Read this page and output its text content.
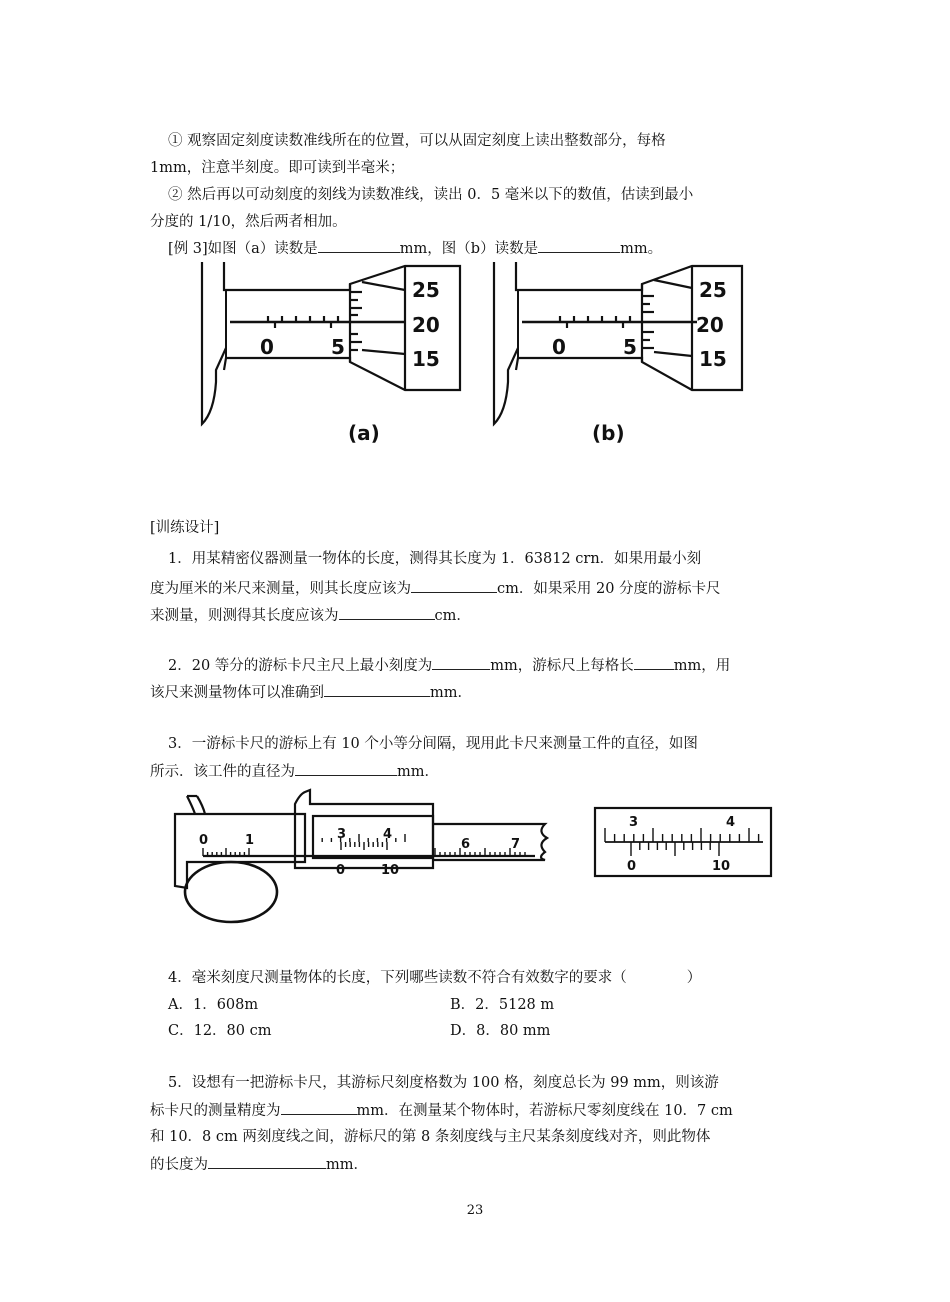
① 观察固定刻度读数准线所在的位置，可以从固定刻度上读出整数部分，每格
1mm，注意半刻度。即可读到半毫米；
② 然后再以可动刻度的刻线为读数准线，读出 0．5 毫米以下的数值，估读到最小
分度的 1/10，然后两者相加。
[例 3]如图（a）读数是	mm，图（b）读数是	mm。
0	5
25
20
15
(a)
0	5
25
20
15
(b)
[训练设计]
1．用某精密仪器测量一物体的长度，测得其长度为 1．63812 crn．如果用最小刻
度为厘米的米尺来测量，则其长度应该为	cm．如果采用 20 分度的游标卡尺
来测量，则测得其长度应该为	cm．
2．20 等分的游标卡尺主尺上最小刻度为	mm，游标尺上每格长	mm，用
该尺来测量物体可以准确到	mm．
3．一游标卡尺的游标上有 10 个小等分间隔，现用此卡尺来测量工件的直径，如图
所示．该工件的直径为	mm．
0	1	3	4
0	10
6	7
3	4
0	10
4．毫米刻度尺测量物体的长度，下列哪些读数不符合有效数字的要求（	）
A．1．608m	B．2．5128 m
C．12．80 cm	D．8．80 mm
5．设想有一把游标卡尺，其游标尺刻度格数为 100 格，刻度总长为 99 mm，则该游
标卡尺的测量精度为	mm．在测量某个物体时，若游标尺零刻度线在 10．7 cm
和 10．8 cm 两刻度线之间，游标尺的第 8 条刻度线与主尺某条刻度线对齐，则此物体
的长度为	mm．
23
